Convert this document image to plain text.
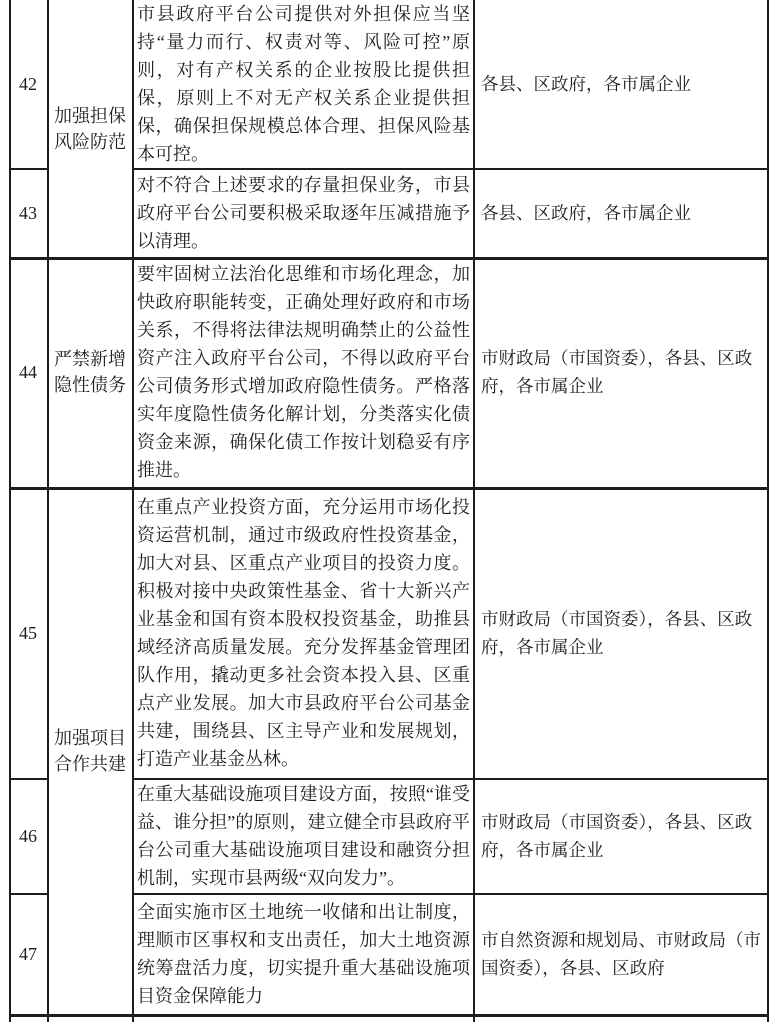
42
43
44
45
46
47
加强担保风险防范
严禁新增隐性债务
加强项目合作共建
市县政府平台公司提供对外担保应当坚持“量力而行、权责对等、风险可控”原则，对有产权关系的企业按股比提供担保，原则上不对无产权关系企业提供担保，确保担保规模总体合理、担保风险基本可控。
对不符合上述要求的存量担保业务，市县政府平台公司要积极采取逐年压减措施予以清理。
要牢固树立法治化思维和市场化理念，加快政府职能转变，正确处理好政府和市场关系，不得将法律法规明确禁止的公益性资产注入政府平台公司，不得以政府平台公司债务形式增加政府隐性债务。严格落实年度隐性债务化解计划，分类落实化债资金来源，确保化债工作按计划稳妥有序推进。
在重点产业投资方面，充分运用市场化投资运营机制，通过市级政府性投资基金，加大对县、区重点产业项目的投资力度。积极对接中央政策性基金、省十大新兴产业基金和国有资本股权投资基金，助推县域经济高质量发展。充分发挥基金管理团队作用，撬动更多社会资本投入县、区重点产业发展。加大市县政府平台公司基金共建，围绕县、区主导产业和发展规划，打造产业基金丛林。
在重大基础设施项目建设方面，按照“谁受益、谁分担”的原则，建立健全市县政府平台公司重大基础设施项目建设和融资分担机制，实现市县两级“双向发力”。
全面实施市区土地统一收储和出让制度，理顺市区事权和支出责任，加大土地资源统筹盘活力度，切实提升重大基础设施项目资金保障能力
各县、区政府，各市属企业
各县、区政府，各市属企业
市财政局（市国资委），各县、区政府，各市属企业
市财政局（市国资委），各县、区政府，各市属企业
市财政局（市国资委），各县、区政府，各市属企业
市自然资源和规划局、市财政局（市国资委），各县、区政府
